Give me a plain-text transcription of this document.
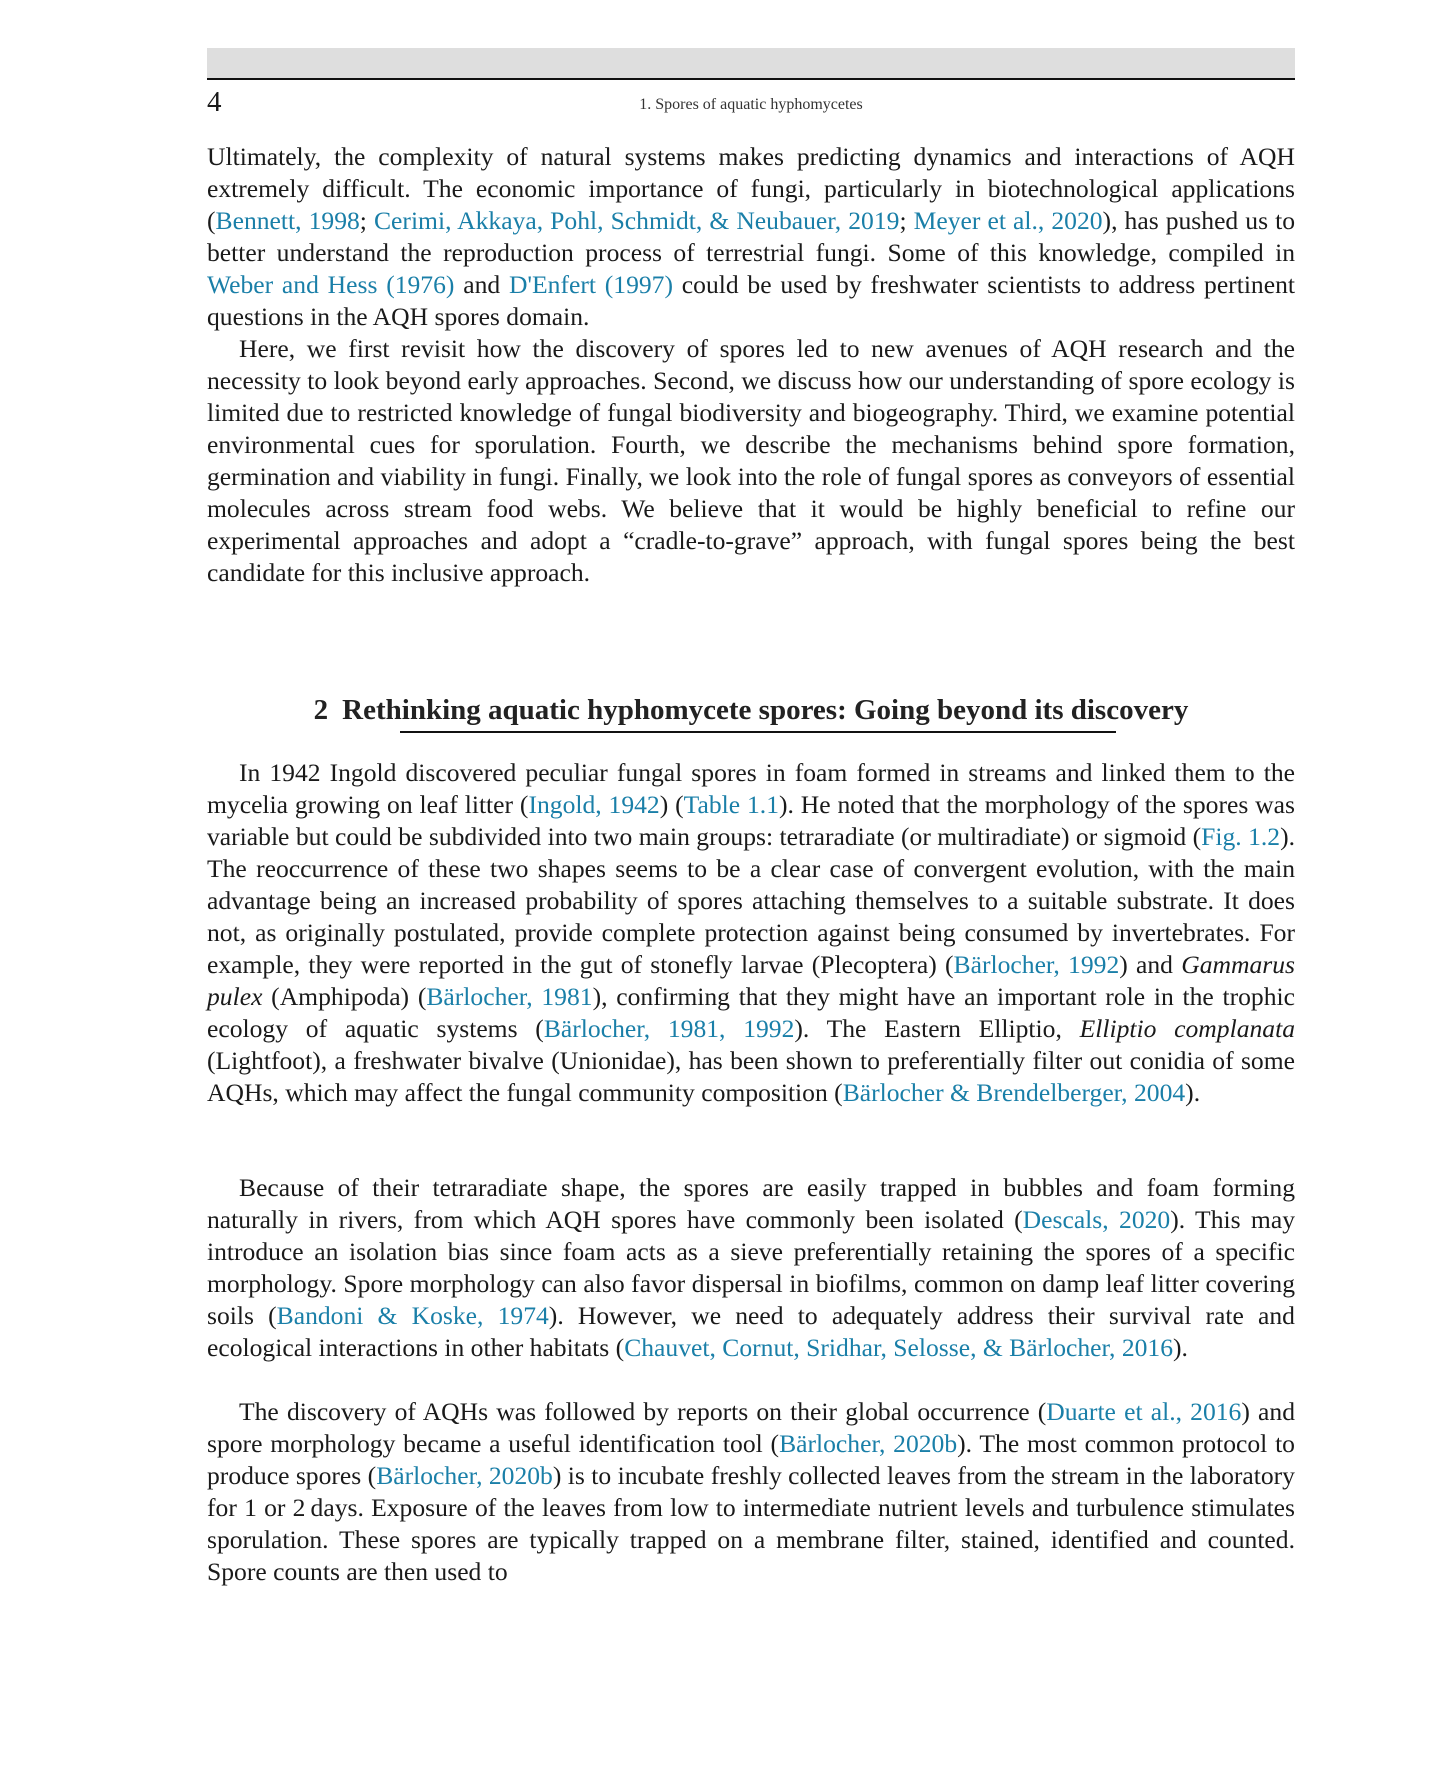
4	1. Spores of aquatic hyphomycetes

Ultimately, the complexity of natural systems makes predicting dynamics and interactions of AQH extremely difficult. The economic importance of fungi, particularly in biotechnological applications (Bennett, 1998; Cerimi, Akkaya, Pohl, Schmidt, & Neubauer, 2019; Meyer et al., 2020), has pushed us to better understand the reproduction process of terrestrial fungi. Some of this knowledge, compiled in Weber and Hess (1976) and D'Enfert (1997) could be used by freshwater scientists to address pertinent questions in the AQH spores domain.

Here, we first revisit how the discovery of spores led to new avenues of AQH research and the necessity to look beyond early approaches. Second, we discuss how our understanding of spore ecology is limited due to restricted knowledge of fungal biodiversity and biogeography. Third, we examine potential environmental cues for sporulation. Fourth, we describe the mechanisms behind spore formation, germination and viability in fungi. Finally, we look into the role of fungal spores as conveyors of essential molecules across stream food webs. We believe that it would be highly beneficial to refine our experimental approaches and adopt a “cradle-to-grave” approach, with fungal spores being the best candidate for this inclusive approach.

2 Rethinking aquatic hyphomycete spores: Going beyond its discovery

In 1942 Ingold discovered peculiar fungal spores in foam formed in streams and linked them to the mycelia growing on leaf litter (Ingold, 1942) (Table 1.1). He noted that the morphology of the spores was variable but could be subdivided into two main groups: tetraradiate (or multiradiate) or sigmoid (Fig. 1.2). The reoccurrence of these two shapes seems to be a clear case of convergent evolution, with the main advantage being an increased probability of spores attaching themselves to a suitable substrate. It does not, as originally postulated, provide complete protection against being consumed by invertebrates. For example, they were reported in the gut of stonefly larvae (Plecoptera) (Bärlocher, 1992) and Gammarus pulex (Amphipoda) (Bärlocher, 1981), confirming that they might have an important role in the trophic ecology of aquatic systems (Bärlocher, 1981, 1992). The Eastern Elliptio, Elliptio complanata (Lightfoot), a freshwater bivalve (Unionidae), has been shown to preferentially filter out conidia of some AQHs, which may affect the fungal community composition (Bärlocher & Brendelberger, 2004).

Because of their tetraradiate shape, the spores are easily trapped in bubbles and foam forming naturally in rivers, from which AQH spores have commonly been isolated (Descals, 2020). This may introduce an isolation bias since foam acts as a sieve preferentially retaining the spores of a specific morphology. Spore morphology can also favor dispersal in biofilms, common on damp leaf litter covering soils (Bandoni & Koske, 1974). However, we need to adequately address their survival rate and ecological interactions in other habitats (Chauvet, Cornut, Sridhar, Selosse, & Bärlocher, 2016).

The discovery of AQHs was followed by reports on their global occurrence (Duarte et al., 2016) and spore morphology became a useful identification tool (Bärlocher, 2020b). The most common protocol to produce spores (Bärlocher, 2020b) is to incubate freshly collected leaves from the stream in the laboratory for 1 or 2 days. Exposure of the leaves from low to intermediate nutrient levels and turbulence stimulates sporulation. These spores are typically trapped on a membrane filter, stained, identified and counted. Spore counts are then used to
